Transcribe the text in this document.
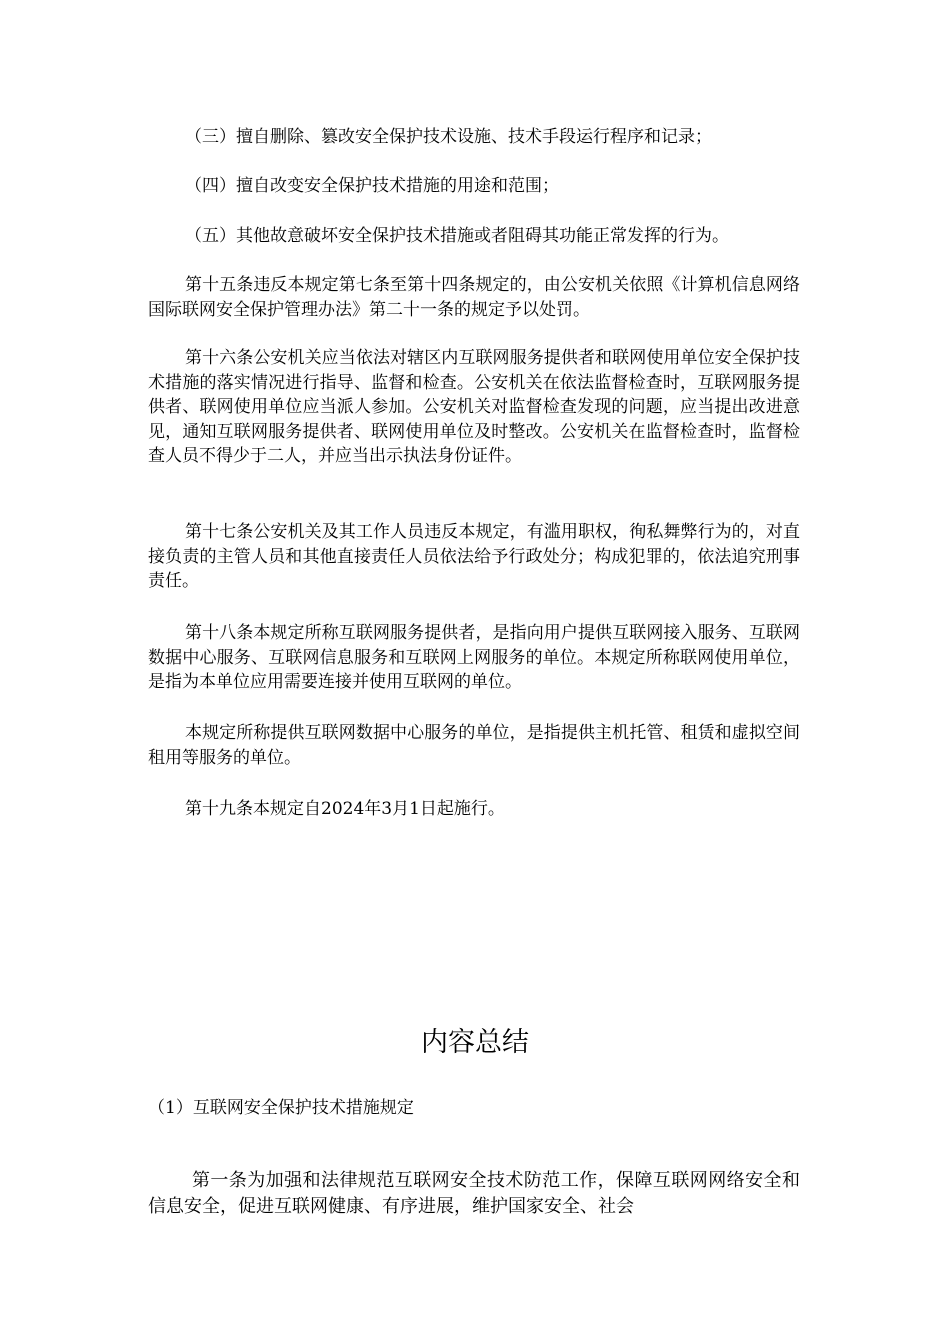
（三）擅自删除、篡改安全保护技术设施、技术手段运行程序和记录；

（四）擅自改变安全保护技术措施的用途和范围；

（五）其他故意破坏安全保护技术措施或者阻碍其功能正常发挥的行为。

第十五条违反本规定第七条至第十四条规定的，由公安机关依照《计算机信息网络国际联网安全保护管理办法》第二十一条的规定予以处罚。

第十六条公安机关应当依法对辖区内互联网服务提供者和联网使用单位安全保护技术措施的落实情况进行指导、监督和检查。公安机关在依法监督检查时，互联网服务提供者、联网使用单位应当派人参加。公安机关对监督检查发现的问题，应当提出改进意见，通知互联网服务提供者、联网使用单位及时整改。公安机关在监督检查时，监督检查人员不得少于二人，并应当出示执法身份证件。

第十七条公安机关及其工作人员违反本规定，有滥用职权，徇私舞弊行为的，对直接负责的主管人员和其他直接责任人员依法给予行政处分；构成犯罪的，依法追究刑事责任。

第十八条本规定所称互联网服务提供者，是指向用户提供互联网接入服务、互联网数据中心服务、互联网信息服务和互联网上网服务的单位。本规定所称联网使用单位，是指为本单位应用需要连接并使用互联网的单位。

本规定所称提供互联网数据中心服务的单位，是指提供主机托管、租赁和虚拟空间租用等服务的单位。

第十九条本规定自2024年3月1日起施行。

内容总结

（1）互联网安全保护技术措施规定

第一条为加强和法律规范互联网安全技术防范工作，保障互联网网络安全和信息安全，促进互联网健康、有序进展，维护国家安全、社会
